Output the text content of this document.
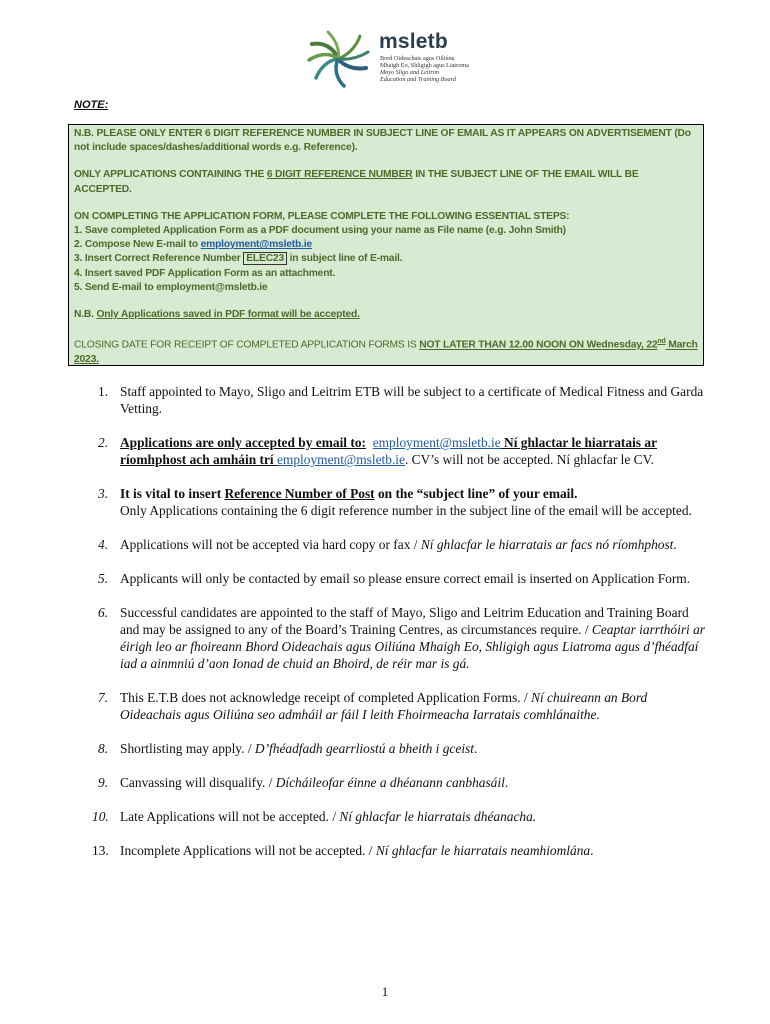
msletb
Bord Oideachais agus Oiliúna
Mhaigh Eo, Shligigh agus Liatroma
Mayo Sligo and Leitrim
Education and Training Board
NOTE:

N.B. PLEASE ONLY ENTER 6 DIGIT REFERENCE NUMBER IN SUBJECT LINE OF EMAIL AS IT APPEARS ON ADVERTISEMENT (Do not include spaces/dashes/additional words e.g. Reference).

ONLY APPLICATIONS CONTAINING THE 6 DIGIT REFERENCE NUMBER IN THE SUBJECT LINE OF THE EMAIL WILL BE ACCEPTED.

ON COMPLETING THE APPLICATION FORM, PLEASE COMPLETE THE FOLLOWING ESSENTIAL STEPS:

1. Save completed Application Form as a PDF document using your name as File name (e.g. John Smith)

2. Compose New E-mail to employment@msletb.ie

3. Insert Correct Reference Number ELEC23 in subject line of E-mail.

4. Insert saved PDF Application Form as an attachment.

5. Send E-mail to employment@msletb.ie

N.B. Only Applications saved in PDF format will be accepted.

CLOSING DATE FOR RECEIPT OF COMPLETED APPLICATION FORMS IS NOT LATER THAN 12.00 NOON ON Wednesday, 22nd March 2023.

1. Staff appointed to Mayo, Sligo and Leitrim ETB will be subject to a certificate of Medical Fitness and Garda Vetting.
2. Applications are only accepted by email to: employment@msletb.ie Ní ghlactar le hiarratais ar ríomhphost ach amháin trí employment@msletb.ie. CV’s will not be accepted. Ní ghlacfar le CV.
3. It is vital to insert Reference Number of Post on the “subject line” of your email.
Only Applications containing the 6 digit reference number in the subject line of the email will be accepted.
4. Applications will not be accepted via hard copy or fax / Ní ghlacfar le hiarratais ar facs nó ríomhphost.
5. Applicants will only be contacted by email so please ensure correct email is inserted on Application Form.
6. Successful candidates are appointed to the staff of Mayo, Sligo and Leitrim Education and Training Board and may be assigned to any of the Board’s Training Centres, as circumstances require. / Ceaptar iarrthóiri ar éirigh leo ar fhoireann Bhord Oideachais agus Oiliúna Mhaigh Eo, Shligigh agus Liatroma agus d’fhéadfaí iad a ainmniú d’aon Ionad de chuid an Bhoird, de réir mar is gá.
7. This E.T.B does not acknowledge receipt of completed Application Forms. / Ní chuireann an Bord Oideachais agus Oiliúna seo admháil ar fáil I leith Fhoirmeacha Iarratais comhlánaithe.
8. Shortlisting may apply. / D’fhéadfadh gearrliostú a bheith i gceist.
9. Canvassing will disqualify. / Dícháileofar éinne a dhéanann canbhasáil.
10. Late Applications will not be accepted. / Ní ghlacfar le hiarratais dhéanacha.
13. Incomplete Applications will not be accepted. / Ní ghlacfar le hiarratais neamhiomlána.
1
